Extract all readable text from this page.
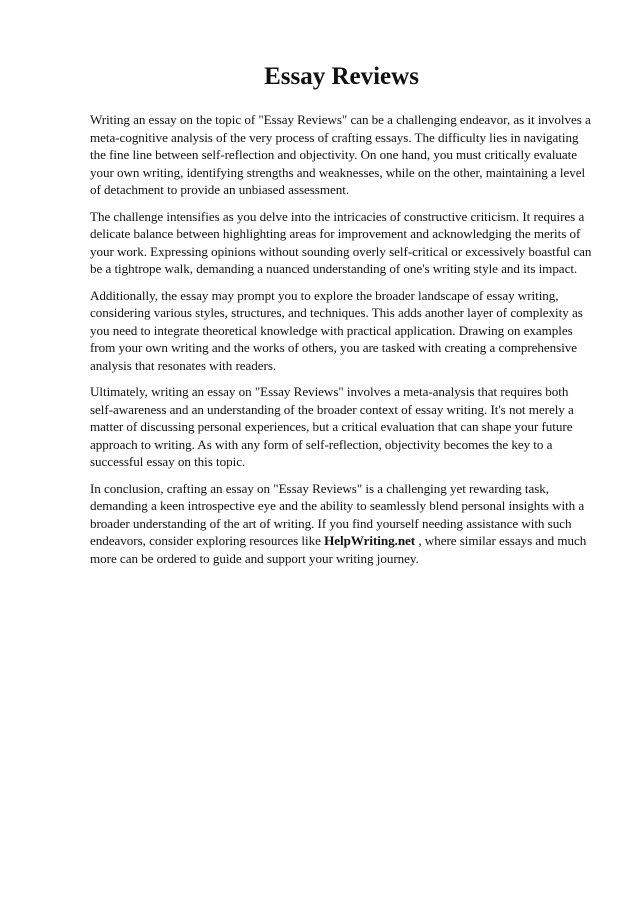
Essay Reviews

Writing an essay on the topic of "Essay Reviews" can be a challenging endeavor, as it involves a meta-cognitive analysis of the very process of crafting essays. The difficulty lies in navigating the fine line between self-reflection and objectivity. On one hand, you must critically evaluate your own writing, identifying strengths and weaknesses, while on the other, maintaining a level of detachment to provide an unbiased assessment.

The challenge intensifies as you delve into the intricacies of constructive criticism. It requires a delicate balance between highlighting areas for improvement and acknowledging the merits of your work. Expressing opinions without sounding overly self-critical or excessively boastful can be a tightrope walk, demanding a nuanced understanding of one's writing style and its impact.

Additionally, the essay may prompt you to explore the broader landscape of essay writing, considering various styles, structures, and techniques. This adds another layer of complexity as you need to integrate theoretical knowledge with practical application. Drawing on examples from your own writing and the works of others, you are tasked with creating a comprehensive analysis that resonates with readers.

Ultimately, writing an essay on "Essay Reviews" involves a meta-analysis that requires both self-awareness and an understanding of the broader context of essay writing. It's not merely a matter of discussing personal experiences, but a critical evaluation that can shape your future approach to writing. As with any form of self-reflection, objectivity becomes the key to a successful essay on this topic.

In conclusion, crafting an essay on "Essay Reviews" is a challenging yet rewarding task, demanding a keen introspective eye and the ability to seamlessly blend personal insights with a broader understanding of the art of writing. If you find yourself needing assistance with such endeavors, consider exploring resources like HelpWriting.net , where similar essays and much more can be ordered to guide and support your writing journey.
